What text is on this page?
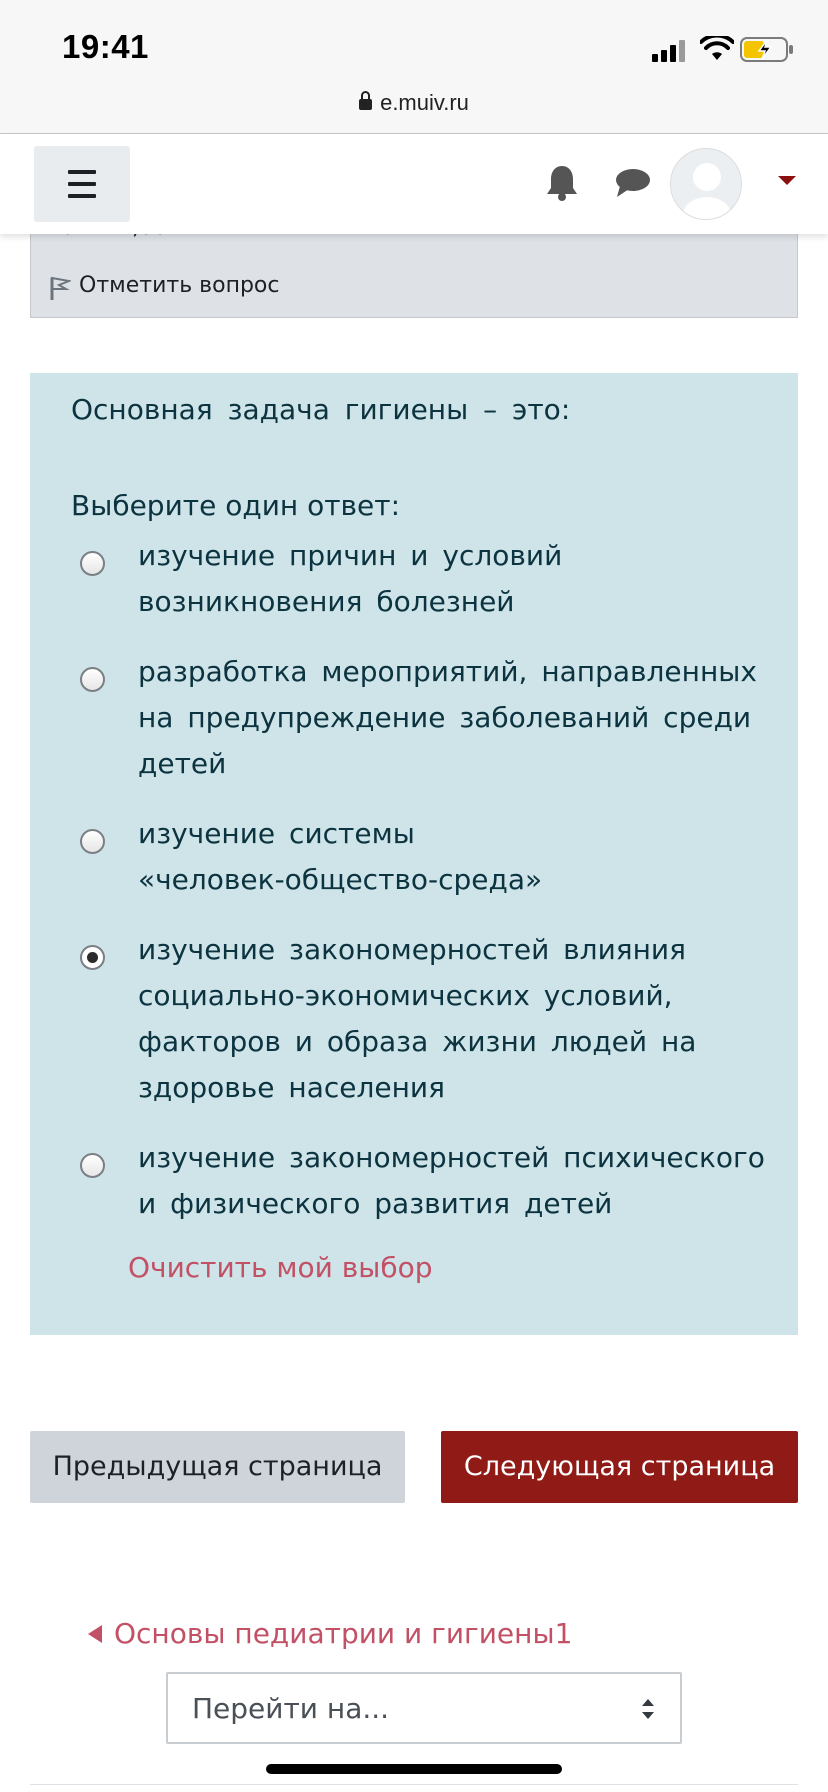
19:41
e.muiv.ru
Отметить вопрос
Основная задача гигиены – это:
Выберите один ответ:
изучение причин и условий возникновения болезней
разработка мероприятий, направленных на предупреждение заболеваний среди детей
изучение системы «человек-общество-среда»
изучение закономерностей влияния социально-экономических условий, факторов и образа жизни людей на здоровье населения
изучение закономерностей психического и физического развития детей
Очистить мой выбор
Предыдущая страница	Следующая страница
Основы педиатрии и гигиены1
Перейти на...
